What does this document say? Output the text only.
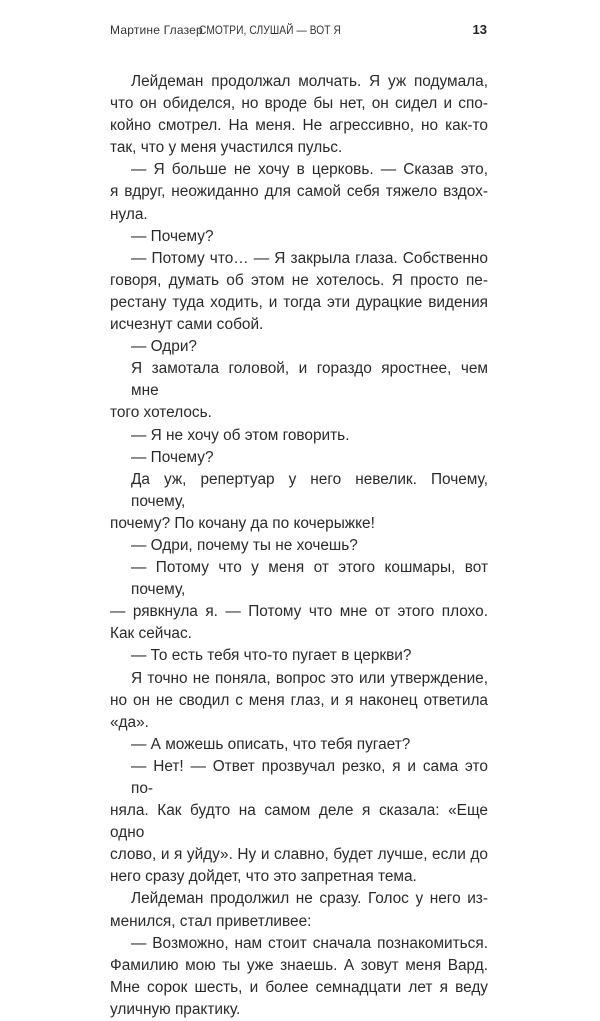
Мартине Глазер
СМОТРИ, СЛУШАЙ — ВОТ Я	13
Лейдеман продолжал молчать. Я уж подумала,
что он обиделся, но вроде бы нет, он сидел и спо-
койно смотрел. На меня. Не агрессивно, но как-то
так, что у меня участился пульс.
— Я больше не хочу в церковь. — Сказав это,
я вдруг, неожиданно для самой себя тяжело вздох-
нула.
— Почему?
— Потому что… — Я закрыла глаза. Собственно
говоря, думать об этом не хотелось. Я просто пе-
рестану туда ходить, и тогда эти дурацкие видения
исчезнут сами собой.
— Одри?
Я замотала головой, и гораздо яростнее, чем мне
того хотелось.
— Я не хочу об этом говорить.
— Почему?
Да уж, репертуар у него невелик. Почему, почему,
почему? По кочану да по кочерыжке!
— Одри, почему ты не хочешь?
— Потому что у меня от этого кошмары, вот почему,
— рявкнула я. — Потому что мне от этого плохо.
Как сейчас.
— То есть тебя что-то пугает в церкви?
Я точно не поняла, вопрос это или утверждение,
но он не сводил с меня глаз, и я наконец ответила «да».
— А можешь описать, что тебя пугает?
— Нет! — Ответ прозвучал резко, я и сама это по-
няла. Как будто на самом деле я сказала: «Еще одно
слово, и я уйду». Ну и славно, будет лучше, если до
него сразу дойдет, что это запретная тема.
Лейдеман продолжил не сразу. Голос у него из-
менился, стал приветливее:
— Возможно, нам стоит сначала познакомиться.
Фамилию мою ты уже знаешь. А зовут меня Вард.
Мне сорок шесть, и более семнадцати лет я веду
уличную практику.
